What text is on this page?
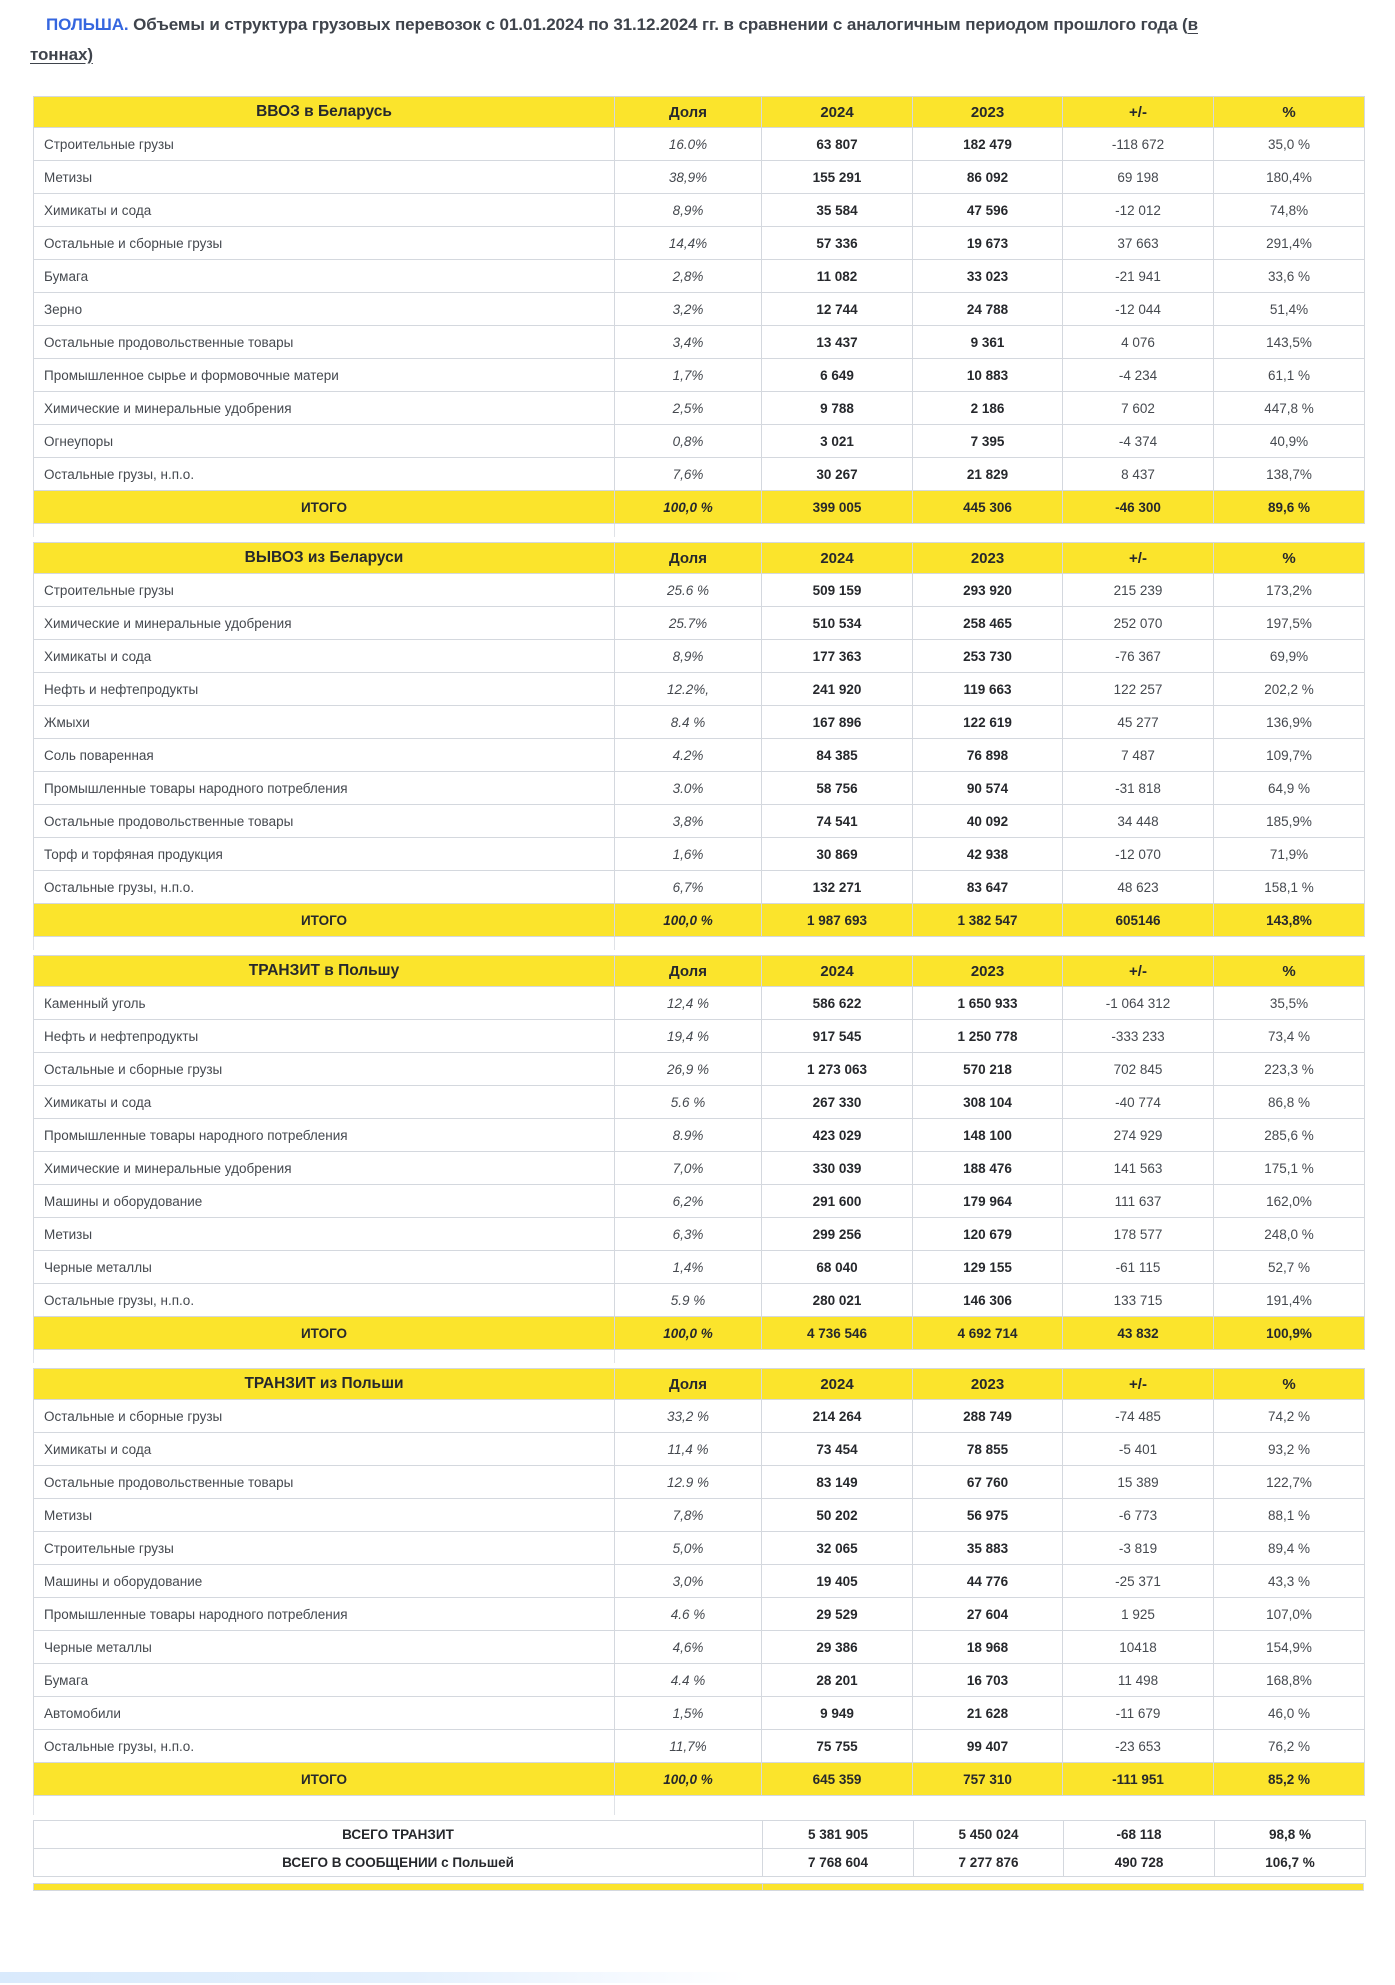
ПОЛЬША. Объемы и структура грузовых перевозок с 01.01.2024 по 31.12.2024 гг. в сравнении с аналогичным периодом прошлого года (в
тоннах)

ВВОЗ в Беларусь	Доля	2024	2023	+/-	%
Строительные грузы	16.0%	63 807	182 479	-118 672	35,0 %
Метизы	38,9%	155 291	86 092	69 198	180,4%
Химикаты и сода	8,9%	35 584	47 596	-12 012	74,8%
Остальные и сборные грузы	14,4%	57 336	19 673	37 663	291,4%
Бумага	2,8%	11 082	33 023	-21 941	33,6 %
Зерно	3,2%	12 744	24 788	-12 044	51,4%
Остальные продовольственные товары	3,4%	13 437	9 361	4 076	143,5%
Промышленное сырье и формовочные матери	1,7%	6 649	10 883	-4 234	61,1 %
Химические и минеральные удобрения	2,5%	9 788	2 186	7 602	447,8 %
Огнеупоры	0,8%	3 021	7 395	-4 374	40,9%
Остальные грузы, н.п.о.	7,6%	30 267	21 829	8 437	138,7%
ИТОГО	100,0 %	399 005	445 306	-46 300	89,6 %
ВЫВОЗ из Беларуси	Доля	2024	2023	+/-	%
Строительные грузы	25.6 %	509 159	293 920	215 239	173,2%
Химические и минеральные удобрения	25.7%	510 534	258 465	252 070	197,5%
Химикаты и сода	8,9%	177 363	253 730	-76 367	69,9%
Нефть и нефтепродукты	12.2%,	241 920	119 663	122 257	202,2 %
Жмыхи	8.4 %	167 896	122 619	45 277	136,9%
Соль поваренная	4.2%	84 385	76 898	7 487	109,7%
Промышленные товары народного потребления	3.0%	58 756	90 574	-31 818	64,9 %
Остальные продовольственные товары	3,8%	74 541	40 092	34 448	185,9%
Торф и торфяная продукция	1,6%	30 869	42 938	-12 070	71,9%
Остальные грузы, н.п.о.	6,7%	132 271	83 647	48 623	158,1 %
ИТОГО	100,0 %	1 987 693	1 382 547	605146	143,8%
ТРАНЗИТ в Польшу	Доля	2024	2023	+/-	%
Каменный уголь	12,4 %	586 622	1 650 933	-1 064 312	35,5%
Нефть и нефтепродукты	19,4 %	917 545	1 250 778	-333 233	73,4 %
Остальные и сборные грузы	26,9 %	1 273 063	570 218	702 845	223,3 %
Химикаты и сода	5.6 %	267 330	308 104	-40 774	86,8 %
Промышленные товары народного потребления	8.9%	423 029	148 100	274 929	285,6 %
Химические и минеральные удобрения	7,0%	330 039	188 476	141 563	175,1 %
Машины и оборудование	6,2%	291 600	179 964	111 637	162,0%
Метизы	6,3%	299 256	120 679	178 577	248,0 %
Черные металлы	1,4%	68 040	129 155	-61 115	52,7 %
Остальные грузы, н.п.о.	5.9 %	280 021	146 306	133 715	191,4%
ИТОГО	100,0 %	4 736 546	4 692 714	43 832	100,9%
ТРАНЗИТ из Польши	Доля	2024	2023	+/-	%
Остальные и сборные грузы	33,2 %	214 264	288 749	-74 485	74,2 %
Химикаты и сода	11,4 %	73 454	78 855	-5 401	93,2 %
Остальные продовольственные товары	12.9 %	83 149	67 760	15 389	122,7%
Метизы	7,8%	50 202	56 975	-6 773	88,1 %
Строительные грузы	5,0%	32 065	35 883	-3 819	89,4 %
Машины и оборудование	3,0%	19 405	44 776	-25 371	43,3 %
Промышленные товары народного потребления	4.6 %	29 529	27 604	1 925	107,0%
Черные металлы	4,6%	29 386	18 968	10418	154,9%
Бумага	4.4 %	28 201	16 703	11 498	168,8%
Автомобили	1,5%	9 949	21 628	-11 679	46,0 %
Остальные грузы, н.п.о.	11,7%	75 755	99 407	-23 653	76,2 %
ИТОГО	100,0 %	645 359	757 310	-111 951	85,2 %
ВСЕГО ТРАНЗИТ	5 381 905	5 450 024	-68 118	98,8 %
ВСЕГО В СООБЩЕНИИ с Польшей	7 768 604	7 277 876	490 728	106,7 %
